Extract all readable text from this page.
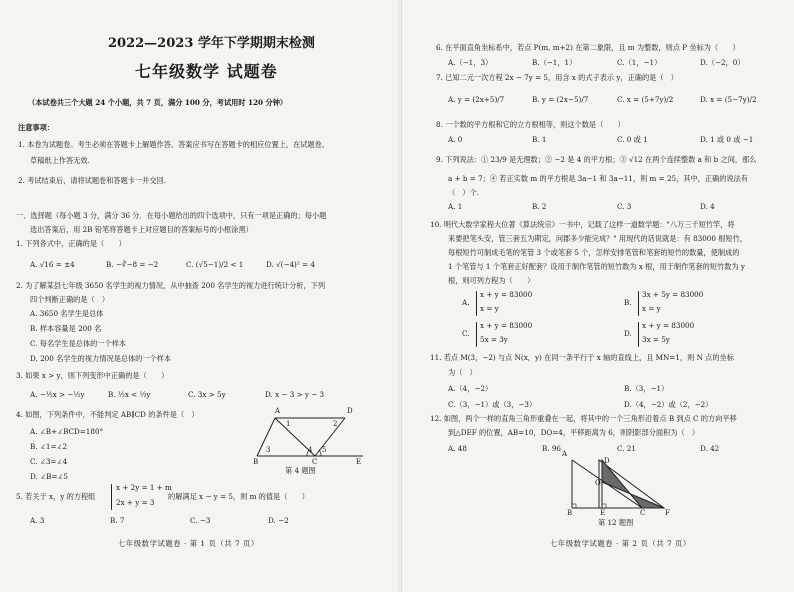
2022—2023 学年下学期期末检测
七年级数学 试题卷
（本试卷共三个大题 24 个小题，共 7 页，满分 100 分，考试用时 120 分钟）
注意事项：
1. 本卷为试题卷。考生必须在答题卡上解题作答。答案应书写在答题卡的相应位置上，在试题卷、
草稿纸上作答无效.
2. 考试结束后，请将试题卷和答题卡一并交回.
一、选择题（每小题 3 分，满分 36 分．在每小题给出的四个选项中，只有一项是正确的；每小题
选出答案后，用 2B 铅笔将答题卡上对应题目的答案标号的小框涂黑）
1. 下列各式中，正确的是（　　）
A. √16 = ±4	B. −∛−8 = −2	C. (√5−1)/2 < 1	D. √(−4)² = 4
2. 为了解某县七年级 3650 名学生的视力情况，从中抽查 200 名学生的视力进行统计分析，下列
四个判断正确的是（　）
A. 3650 名学生是总体
B. 样本容量是 200 名
C. 每名学生是总体的一个样本
D. 200 名学生的视力情况是总体的一个样本
3. 如果 x > y，则下列变形中正确的是（　　）
A. −½x > −½y	B. ½x < ½y	C. 3x > 5y	D. x − 3 > y − 3
4. 如图，下列条件中，不能判定 AB∥CD 的条件是（　）
A. ∠B+∠BCD=180°
B. ∠1=∠2
C. ∠3=∠4
D. ∠B=∠5
A	D
1	2
3	4 5
B	C	E
第 4 题图
5. 若关于 x，y 的方程组
x + 2y = 1 + m
2x + y = 3
的解满足 x − y = 5，则 m 的值是（　　）
A. 3	B. 7	C. −3	D. −2
七年级数学试题卷 · 第 1 页（共 7 页）
6. 在平面直角坐标系中，若点 P(m, m+2) 在第二象限，且 m 为整数，则点 P 坐标为（　　）
A.（−1，3）	B.（−1，1）	C.（1，−1）	D.（−2，0）
7. 已知二元一次方程 2x − 7y = 5，用含 x 的式子表示 y，正确的是（　）
A. y = (2x+5)/7	B. y = (2x−5)/7	C. x = (5+7y)/2	D. x = (5−7y)/2
8. 一个数的平方根和它的立方根相等，则这个数是（　　）
A. 0	B. 1	C. 0 或 1	D. 1 或 0 或 −1
9. 下列说法：① 23/9 是无理数；② −2 是 4 的平方根；③ √12 在两个连续整数 a 和 b 之间，那么
a + b = 7；④ 若正实数 m 的平方根是 3a−1 和 3a−11，则 m = 25，其中，正确的说法有
（　）个.
A. 1	B. 2	C. 3	D. 4
10. 明代大数学家程大位著《算法统宗》一书中，记载了这样一道数学题："八万三千短竹竿，将
来要把笔头安，管三套五为期定，问郡多少能完成？" 用现代的话说就是：有 83000 根短竹，
每根短竹可制成毛笔的笔管 3 个或笔套 5 个，怎样安排笔管和笔套的短竹的数量，使制成的
1 个笔管与 1 个笔套正好配套？设用于制作笔管的短竹数为 x 根，用于制作笔套的短竹数为 y
根，则可列方程为（　　）
A.
x + y = 83000
x = y
B.
3x + 5y = 83000
x = y
C.
x + y = 83000
5x = 3y
D.
x + y = 83000
3x = 5y
11. 若点 M(3，−2) 与点 N(x，y) 在同一条平行于 x 轴的直线上，且 MN=1，则 N 点的坐标
为（　）
A.（4，−2）	B.（3，−1）
C.（3，−1）或（3，−3）	D.（4，−2）或（2，−2）
12. 如图，两个一样的直角三角形重叠在一起，将其中的一个三角形沿着点 B 到点 C 的方向平移
到△DEF 的位置，AB=10，DO=4，平移距离为 6，则阴影部分面积为（　）
A. 48	B. 96	C. 21	D. 42
A
D
O
B	E	C	F
第 12 题图
七年级数学试题卷 · 第 2 页（共 7 页）
